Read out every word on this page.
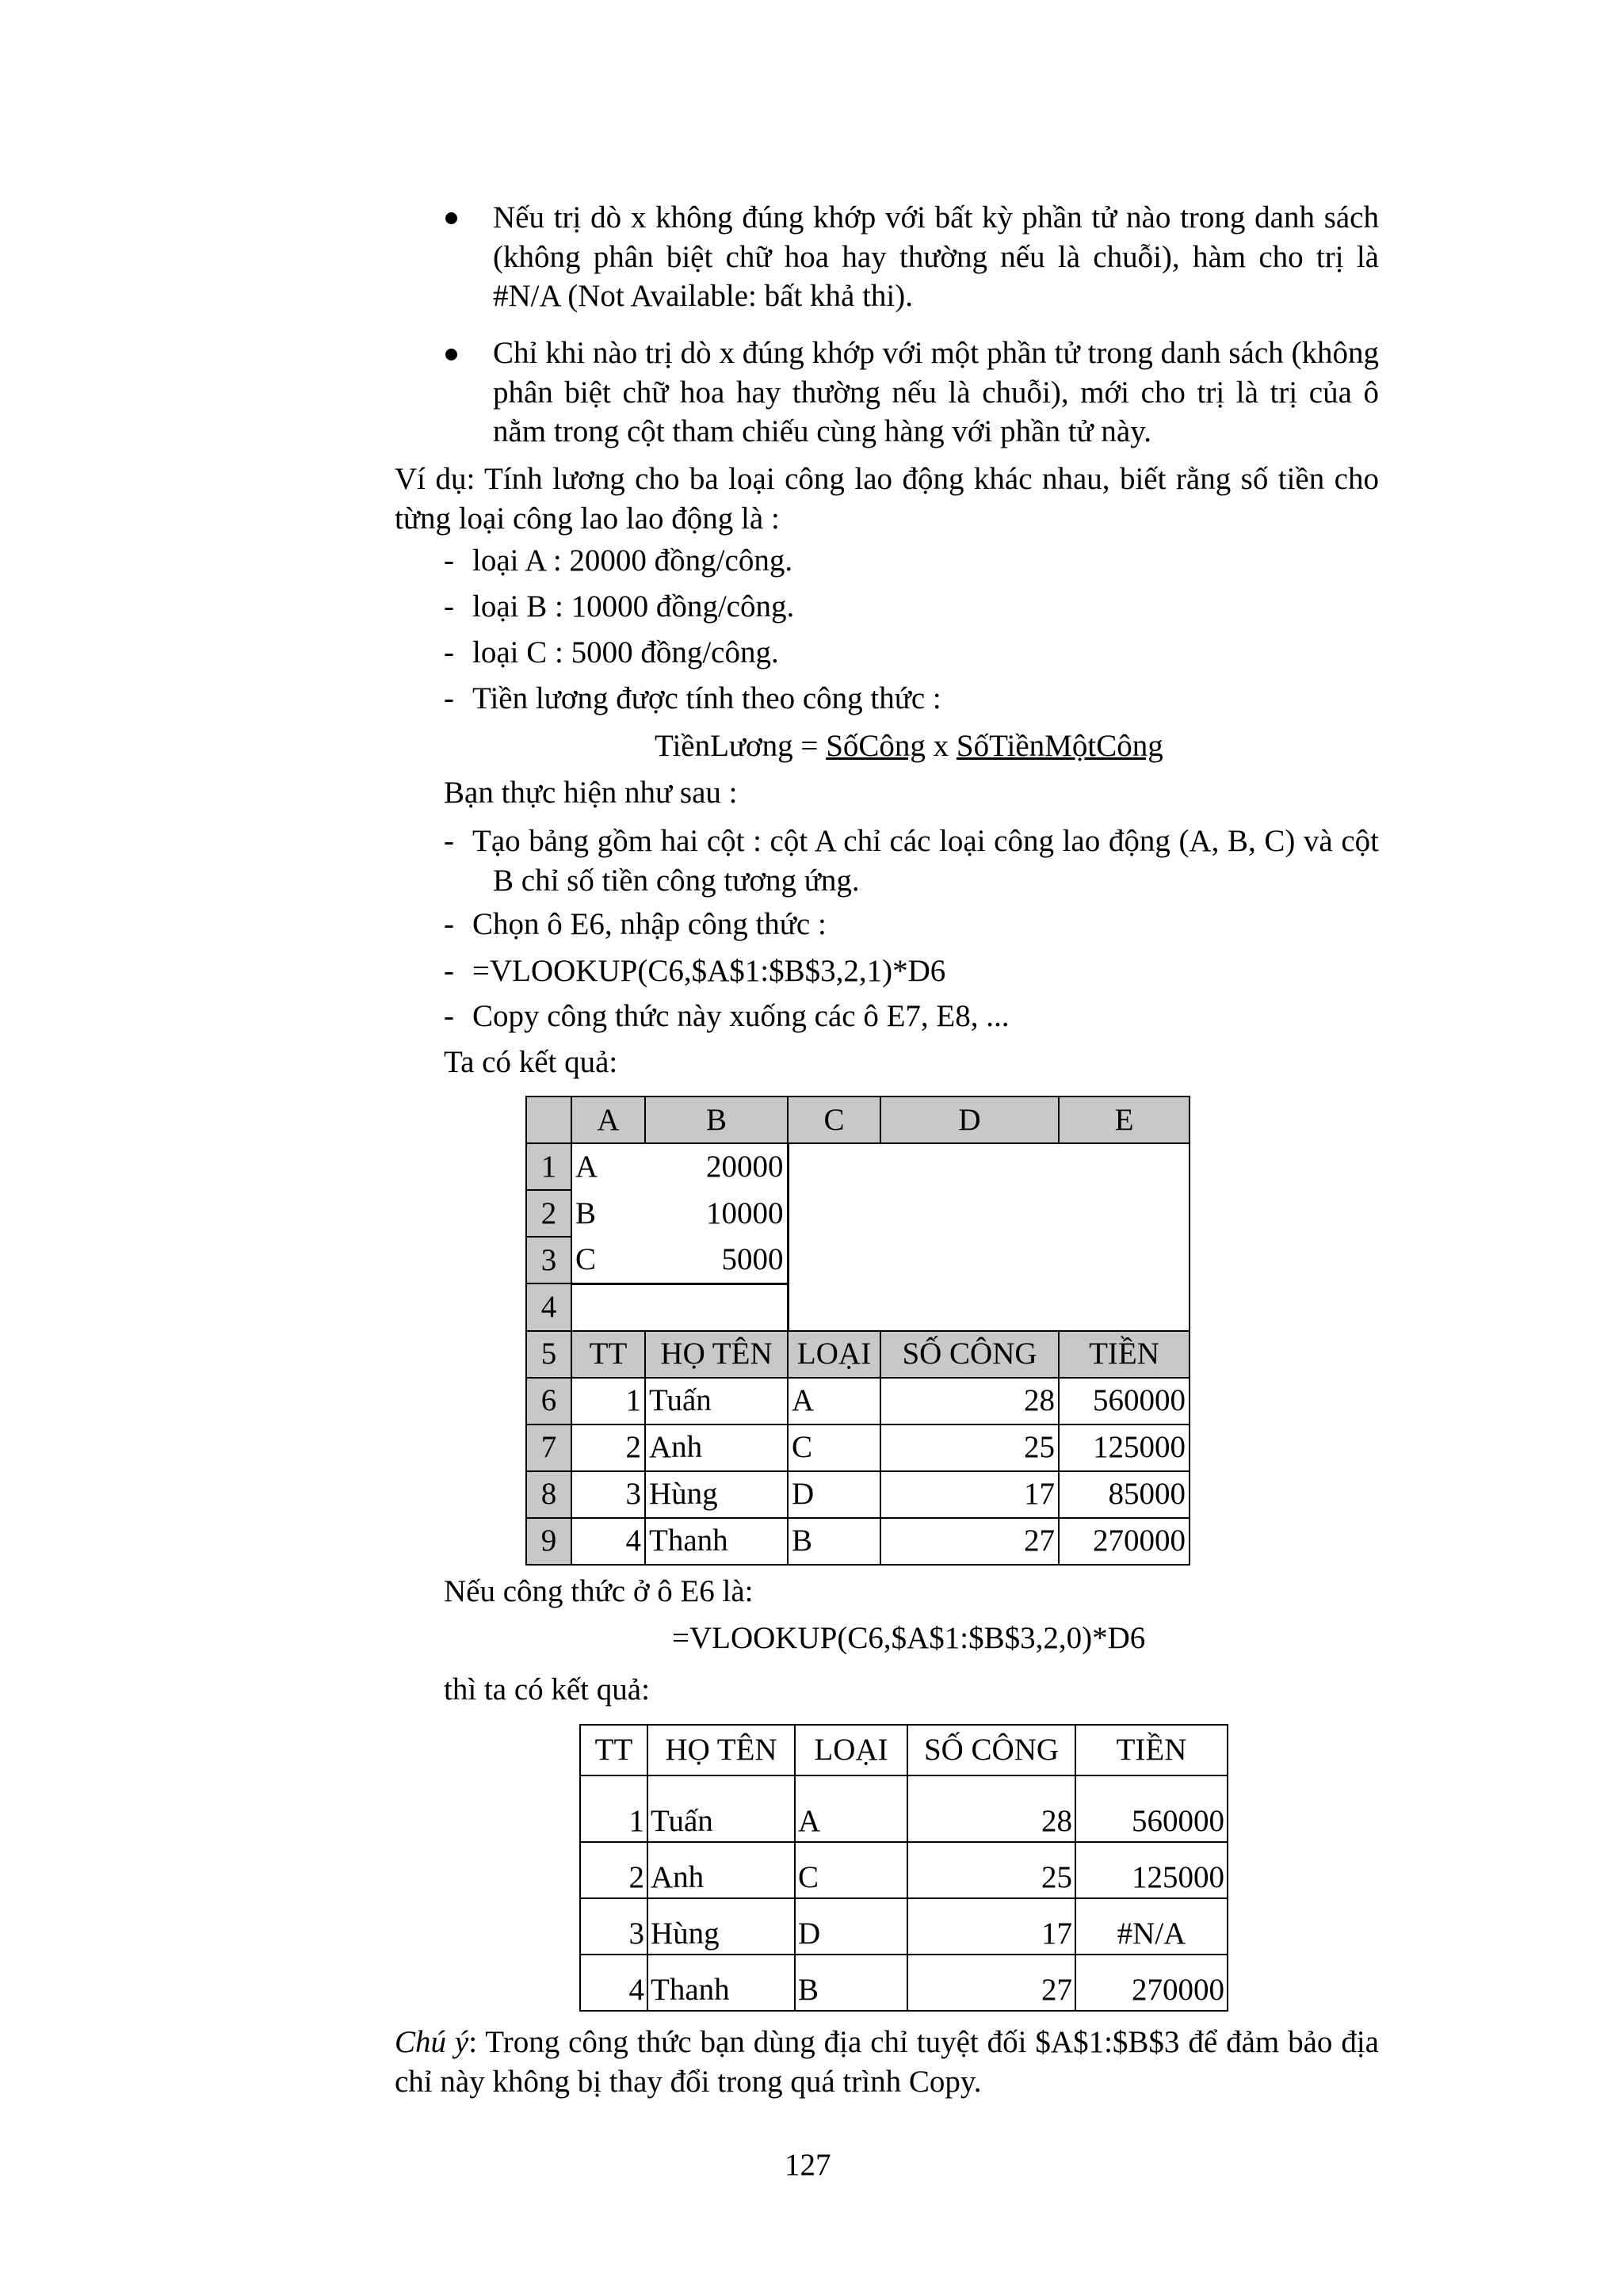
Nếu trị dò x không đúng khớp với bất kỳ phần tử nào trong danh sách (không phân biệt chữ hoa hay thường nếu là chuỗi), hàm cho trị là #N/A (Not Available: bất khả thi).
Chỉ khi nào trị dò x đúng khớp với một phần tử trong danh sách (không phân biệt chữ hoa hay thường nếu là chuỗi), mới cho trị là trị của ô nằm trong cột tham chiếu cùng hàng với phần tử này.
Ví dụ: Tính lương cho ba loại công lao động khác nhau, biết rằng số tiền cho từng loại công lao lao động là :
- loại A : 20000 đồng/công.
- loại B : 10000 đồng/công.
- loại C : 5000 đồng/công.
- Tiền lương được tính theo công thức :
TiềnLương = SốCông x SốTiềnMộtCông
Bạn thực hiện như sau :
- Tạo bảng gồm hai cột : cột A chỉ các loại công lao động (A, B, C) và cột B chỉ số tiền công tương ứng.
- Chọn ô E6, nhập công thức :
- =VLOOKUP(C6,$A$1:$B$3,2,1)*D6
- Copy công thức này xuống các ô E7, E8, ...
Ta có kết quả:
	A	B	C	D	E
1	A	20000			
2	B	10000			
3	C	5000			
4					
5	TT	HỌ TÊN	LOẠI	SỐ CÔNG	TIỀN
6	1	Tuấn	A	28	560000
7	2	Anh	C	25	125000
8	3	Hùng	D	17	85000
9	4	Thanh	B	27	270000
Nếu công thức ở ô E6 là:
=VLOOKUP(C6,$A$1:$B$3,2,0)*D6
thì ta có kết quả:
TT	HỌ TÊN	LOẠI	SỐ CÔNG	TIỀN
1	Tuấn	A	28	560000
2	Anh	C	25	125000
3	Hùng	D	17	#N/A
4	Thanh	B	27	270000
Chú ý: Trong công thức bạn dùng địa chỉ tuyệt đối $A$1:$B$3 để đảm bảo địa chỉ này không bị thay đổi trong quá trình Copy.
127
